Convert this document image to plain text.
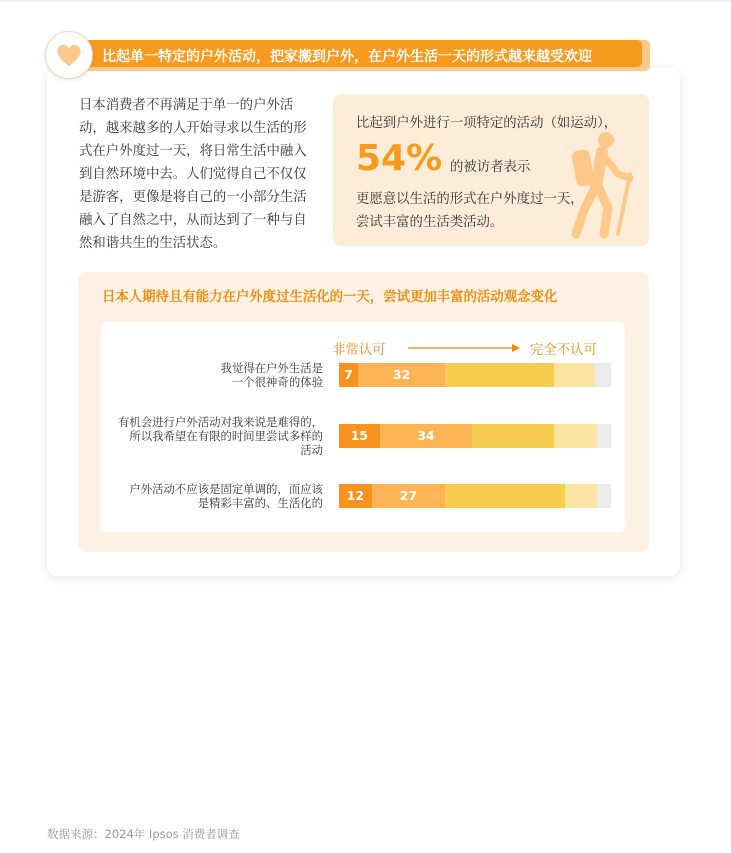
比起单一特定的户外活动，把家搬到户外，在户外生活一天的形式越来越受欢迎
日本消费者不再满足于单一的户外活动，越来越多的人开始寻求以生活的形式在户外度过一天，将日常生活中融入到自然环境中去。人们觉得自己不仅仅是游客，更像是将自己的一小部分生活融入了自然之中，从而达到了一种与自然和谐共生的生活状态。
比起到户外进行一项特定的活动（如运动），
54% 的被访者表示
更愿意以生活的形式在户外度过一天，尝试丰富的生活类活动。
日本人期待且有能力在户外度过生活化的一天，尝试更加丰富的活动观念变化
非常认可	完全不认可
我觉得在户外生活是
一个很神奇的体验	7	32
有机会进行户外活动对我来说是难得的，
所以我希望在有限的时间里尝试多样的
活动
15	34
户外活动不应该是固定单调的，而应该
是精彩丰富的、生活化的	12	27
数据来源：2024年 Ipsos 消费者调查
